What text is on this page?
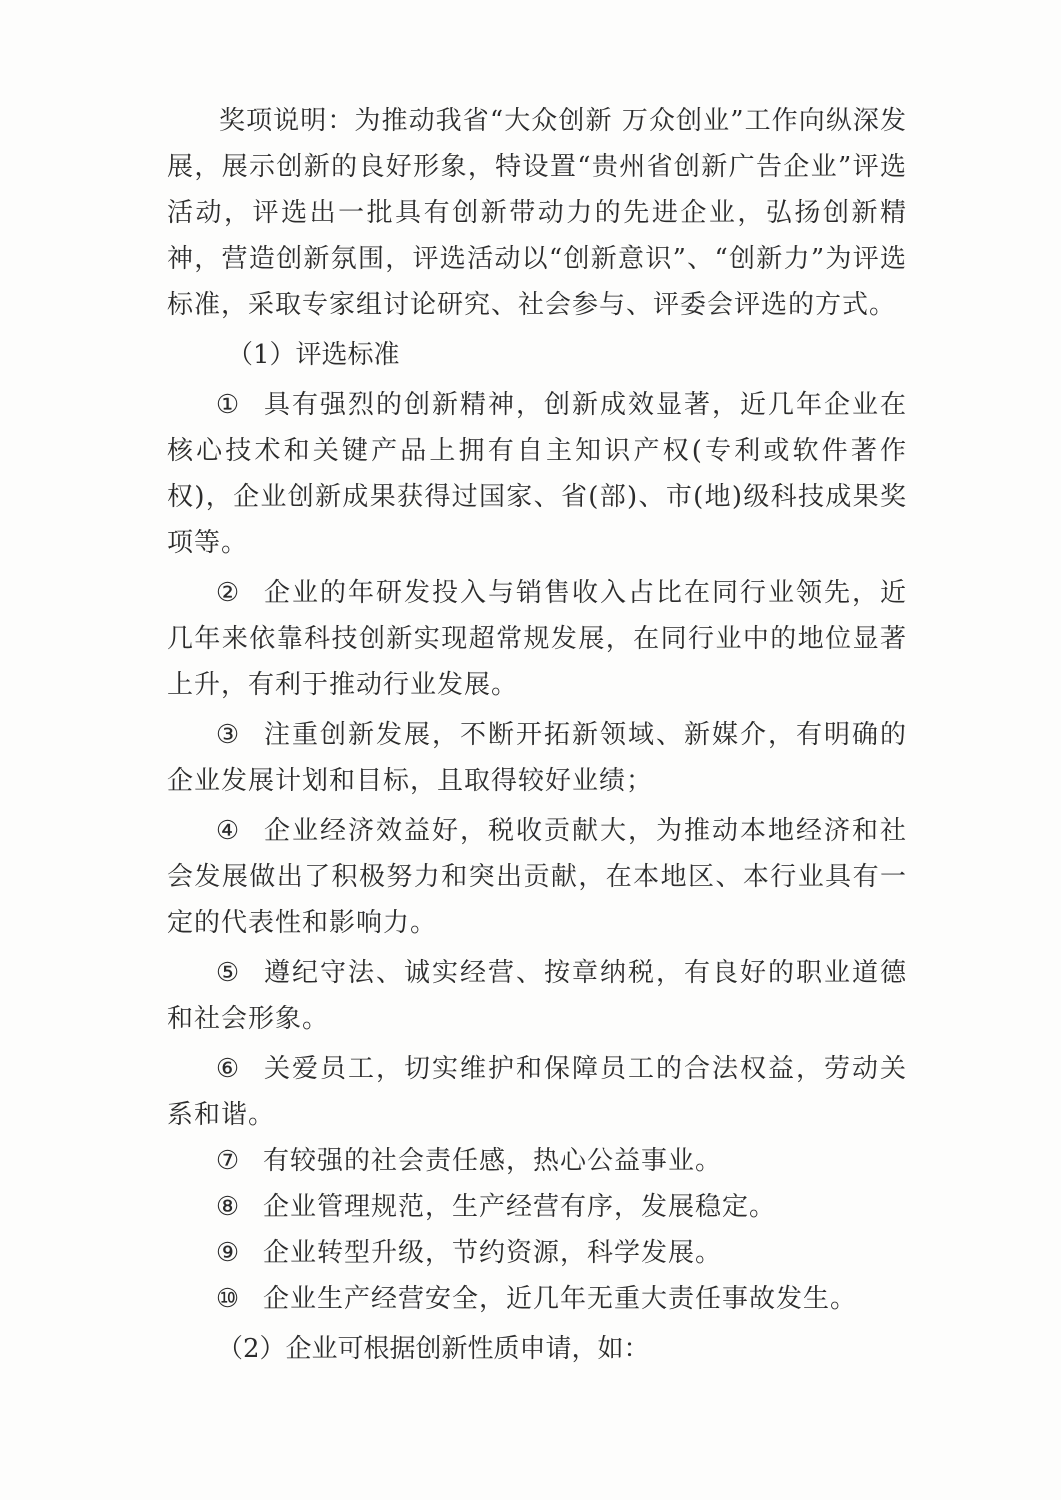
奖项说明：为推动我省“大众创新 万众创业”工作向纵深发展，展示创新的良好形象，特设置“贵州省创新广告企业”评选活动，评选出一批具有创新带动力的先进企业，弘扬创新精神，营造创新氛围，评选活动以“创新意识”、“创新力”为评选标准，采取专家组讨论研究、社会参与、评委会评选的方式。

（1）评选标准

① 具有强烈的创新精神，创新成效显著，近几年企业在核心技术和关键产品上拥有自主知识产权(专利或软件著作权)，企业创新成果获得过国家、省(部)、市(地)级科技成果奖项等。

② 企业的年研发投入与销售收入占比在同行业领先，近几年来依靠科技创新实现超常规发展，在同行业中的地位显著上升，有利于推动行业发展。

③ 注重创新发展，不断开拓新领域、新媒介，有明确的企业发展计划和目标，且取得较好业绩；

④ 企业经济效益好，税收贡献大，为推动本地经济和社会发展做出了积极努力和突出贡献，在本地区、本行业具有一定的代表性和影响力。

⑤ 遵纪守法、诚实经营、按章纳税，有良好的职业道德和社会形象。

⑥ 关爱员工，切实维护和保障员工的合法权益，劳动关系和谐。

⑦ 有较强的社会责任感，热心公益事业。

⑧ 企业管理规范，生产经营有序，发展稳定。

⑨ 企业转型升级，节约资源，科学发展。

⑩ 企业生产经营安全，近几年无重大责任事故发生。

（2）企业可根据创新性质申请，如：
